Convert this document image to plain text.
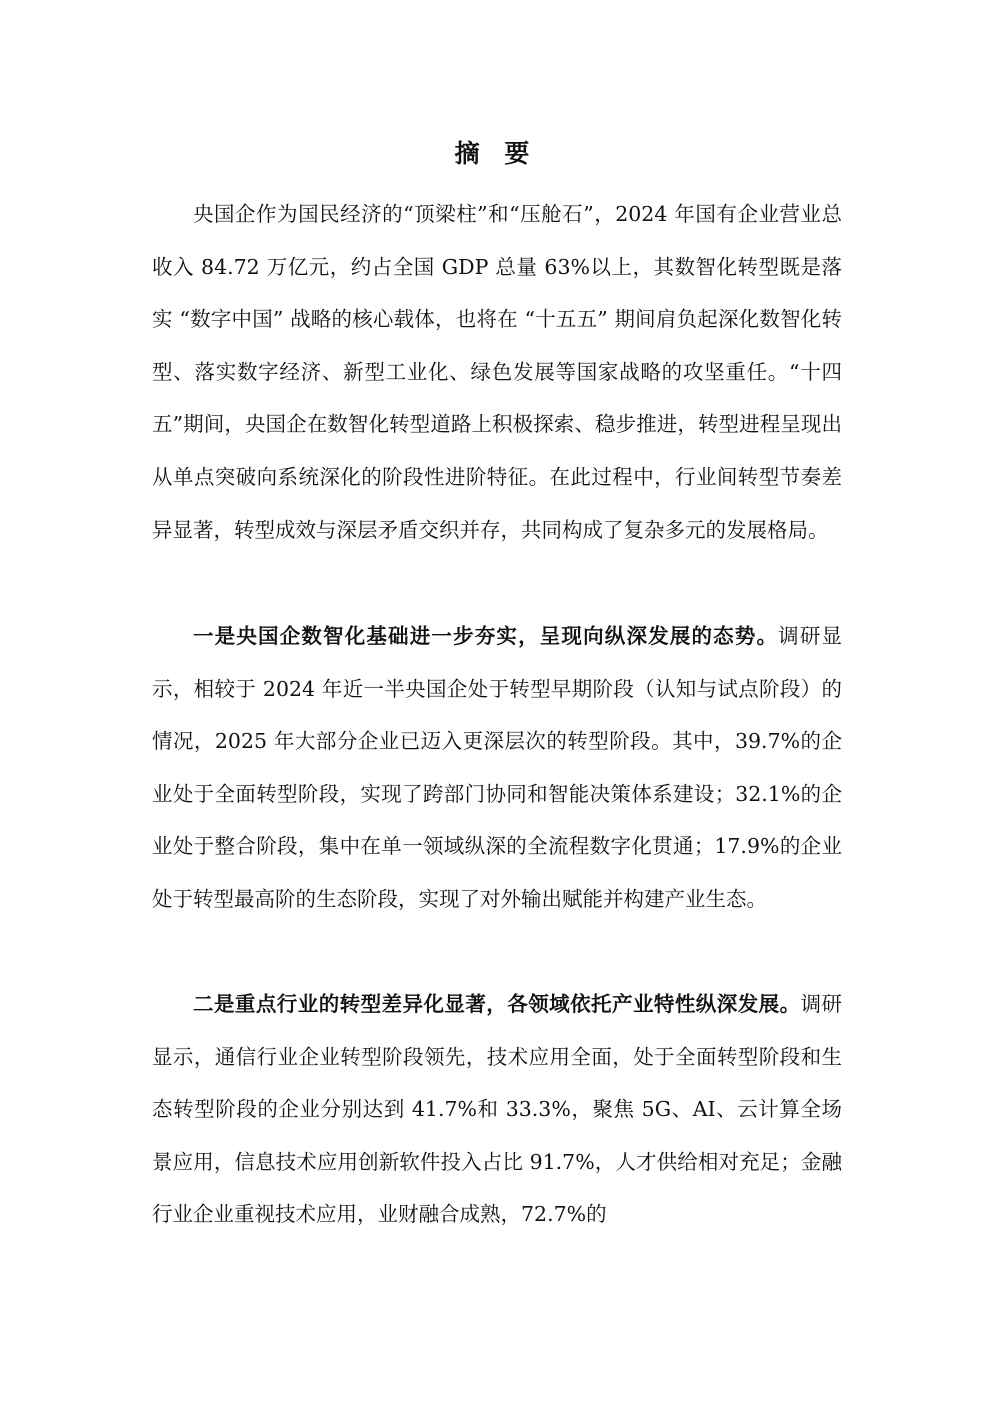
摘 要

央国企作为国民经济的“顶梁柱”和“压舱石”，2024 年国有企业营业总收入 84.72 万亿元，约占全国 GDP 总量 63%以上，其数智化转型既是落实 “数字中国” 战略的核心载体，也将在 “十五五” 期间肩负起深化数智化转型、落实数字经济、新型工业化、绿色发展等国家战略的攻坚重任。“十四五”期间，央国企在数智化转型道路上积极探索、稳步推进，转型进程呈现出从单点突破向系统深化的阶段性进阶特征。在此过程中，行业间转型节奏差异显著，转型成效与深层矛盾交织并存，共同构成了复杂多元的发展格局。

一是央国企数智化基础进一步夯实，呈现向纵深发展的态势。调研显示，相较于 2024 年近一半央国企处于转型早期阶段（认知与试点阶段）的情况，2025 年大部分企业已迈入更深层次的转型阶段。其中，39.7%的企业处于全面转型阶段，实现了跨部门协同和智能决策体系建设；32.1%的企业处于整合阶段，集中在单一领域纵深的全流程数字化贯通；17.9%的企业处于转型最高阶的生态阶段，实现了对外输出赋能并构建产业生态。

二是重点行业的转型差异化显著，各领域依托产业特性纵深发展。调研显示，通信行业企业转型阶段领先，技术应用全面，处于全面转型阶段和生态转型阶段的企业分别达到 41.7%和 33.3%，聚焦 5G、AI、云计算全场景应用，信息技术应用创新软件投入占比 91.7%，人才供给相对充足；金融行业企业重视技术应用，业财融合成熟，72.7%的
